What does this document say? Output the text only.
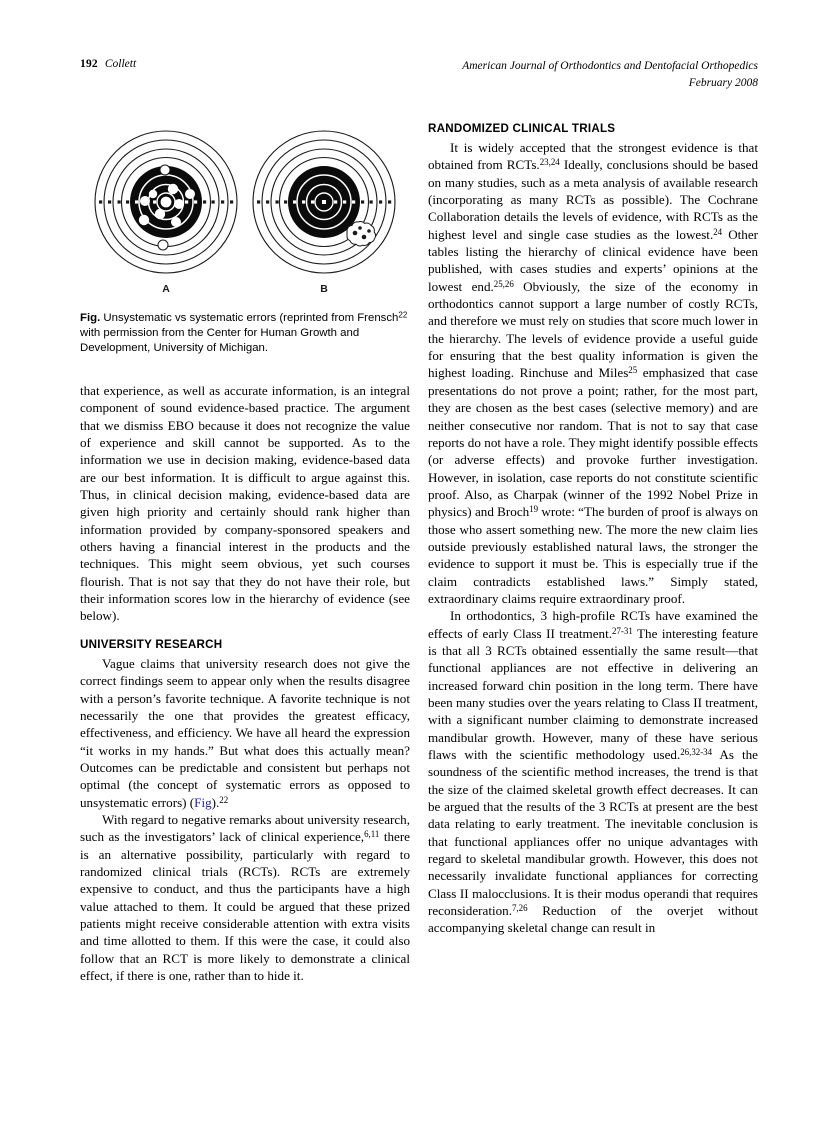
192 Collett	American Journal of Orthodontics and Dentofacial Orthopedics
February 2008
A	B

Fig. Unsystematic vs systematic errors (reprinted from Frensch$^{22}$ with permission from the Center for Human Growth and Development, University of Michigan.

that experience, as well as accurate information, is an integral component of sound evidence-based practice. The argument that we dismiss EBO because it does not recognize the value of experience and skill cannot be supported. As to the information we use in decision making, evidence-based data are our best information. It is difficult to argue against this. Thus, in clinical decision making, evidence-based data are given high priority and certainly should rank higher than information provided by company-sponsored speakers and others having a financial interest in the products and the techniques. This might seem obvious, yet such courses flourish. That is not say that they do not have their role, but their information scores low in the hierarchy of evidence (see below).

UNIVERSITY RESEARCH

Vague claims that university research does not give the correct findings seem to appear only when the results disagree with a person’s favorite technique. A favorite technique is not necessarily the one that provides the greatest efficacy, effectiveness, and efficiency. We have all heard the expression “it works in my hands.” But what does this actually mean? Outcomes can be predictable and consistent but perhaps not optimal (the concept of systematic errors as opposed to unsystematic errors) (Fig).$^{22}$

With regard to negative remarks about university research, such as the investigators’ lack of clinical experience,$^{6,11}$ there is an alternative possibility, particularly with regard to randomized clinical trials (RCTs). RCTs are extremely expensive to conduct, and thus the participants have a high value attached to them. It could be argued that these prized patients might receive considerable attention with extra visits and time allotted to them. If this were the case, it could also follow that an RCT is more likely to demonstrate a clinical effect, if there is one, rather than to hide it.

RANDOMIZED CLINICAL TRIALS

It is widely accepted that the strongest evidence is that obtained from RCTs.$^{23,24}$ Ideally, conclusions should be based on many studies, such as a meta analysis of available research (incorporating as many RCTs as possible). The Cochrane Collaboration details the levels of evidence, with RCTs as the highest level and single case studies as the lowest.$^{24}$ Other tables listing the hierarchy of clinical evidence have been published, with cases studies and experts’ opinions at the lowest end.$^{25,26}$ Obviously, the size of the economy in orthodontics cannot support a large number of costly RCTs, and therefore we must rely on studies that score much lower in the hierarchy. The levels of evidence provide a useful guide for ensuring that the best quality information is given the highest loading. Rinchuse and Miles$^{25}$ emphasized that case presentations do not prove a point; rather, for the most part, they are chosen as the best cases (selective memory) and are neither consecutive nor random. That is not to say that case reports do not have a role. They might identify possible effects (or adverse effects) and provoke further investigation. However, in isolation, case reports do not constitute scientific proof. Also, as Charpak (winner of the 1992 Nobel Prize in physics) and Broch$^{19}$ wrote: “The burden of proof is always on those who assert something new. The more the new claim lies outside previously established natural laws, the stronger the evidence to support it must be. This is especially true if the claim contradicts established laws.” Simply stated, extraordinary claims require extraordinary proof.

In orthodontics, 3 high-profile RCTs have examined the effects of early Class II treatment.$^{27-31}$ The interesting feature is that all 3 RCTs obtained essentially the same result—that functional appliances are not effective in delivering an increased forward chin position in the long term. There have been many studies over the years relating to Class II treatment, with a significant number claiming to demonstrate increased mandibular growth. However, many of these have serious flaws with the scientific methodology used.$^{26,32-34}$ As the soundness of the scientific method increases, the trend is that the size of the claimed skeletal growth effect decreases. It can be argued that the results of the 3 RCTs at present are the best data relating to early treatment. The inevitable conclusion is that functional appliances offer no unique advantages with regard to skeletal mandibular growth. However, this does not necessarily invalidate functional appliances for correcting Class II malocclusions. It is their modus operandi that requires reconsideration.$^{7,26}$ Reduction of the overjet without accompanying skeletal change can result in
